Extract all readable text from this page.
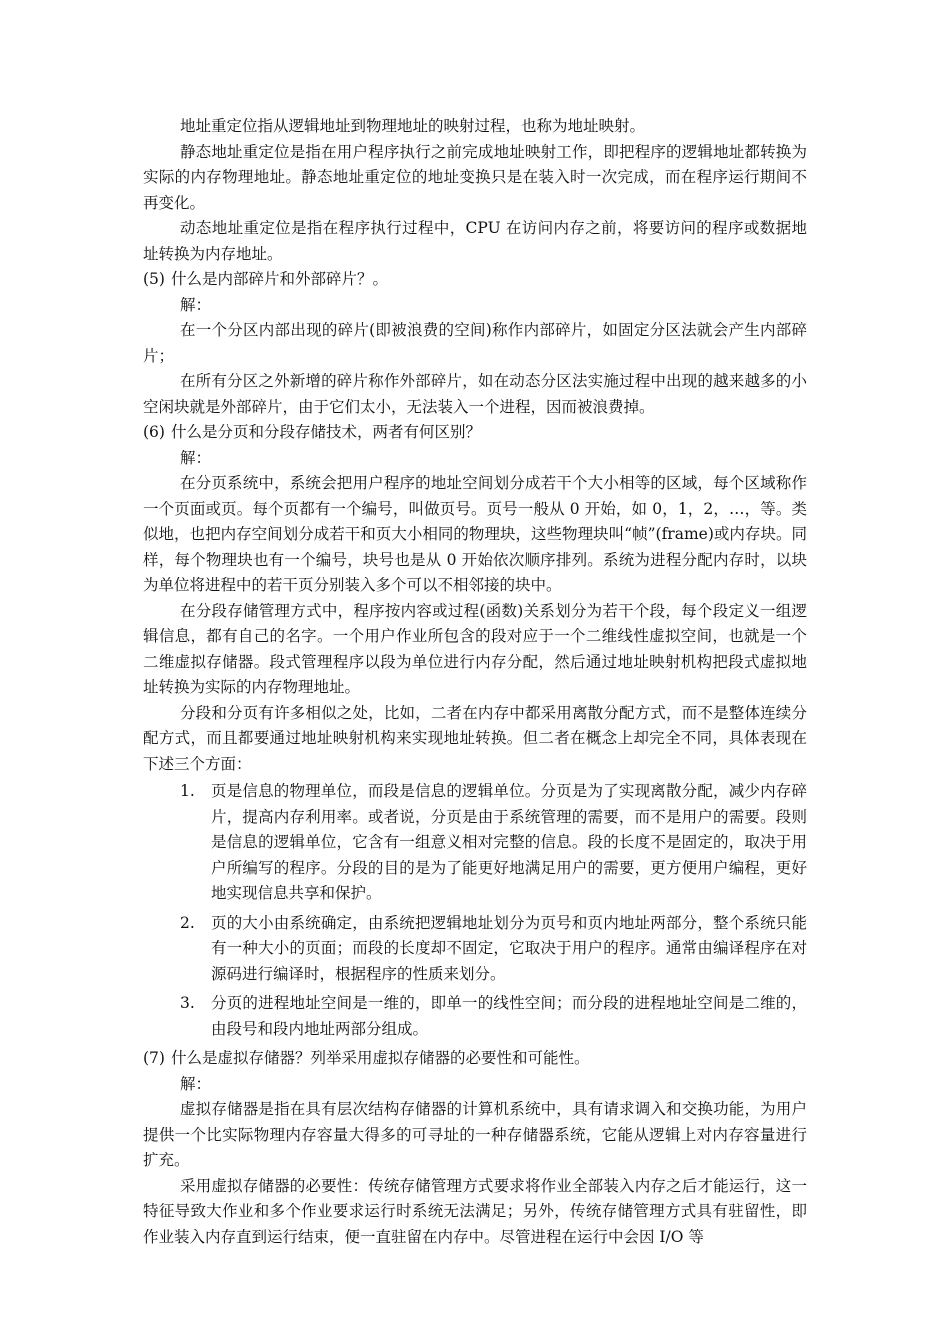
地址重定位指从逻辑地址到物理地址的映射过程，也称为地址映射。

静态地址重定位是指在用户程序执行之前完成地址映射工作，即把程序的逻辑地址都转换为实际的内存物理地址。静态地址重定位的地址变换只是在装入时一次完成，而在程序运行期间不再变化。

动态地址重定位是指在程序执行过程中，CPU 在访问内存之前，将要访问的程序或数据地址转换为内存地址。

(5) 什么是内部碎片和外部碎片？。

解：

在一个分区内部出现的碎片(即被浪费的空间)称作内部碎片，如固定分区法就会产生内部碎片；

在所有分区之外新增的碎片称作外部碎片，如在动态分区法实施过程中出现的越来越多的小空闲块就是外部碎片，由于它们太小，无法装入一个进程，因而被浪费掉。

(6) 什么是分页和分段存储技术，两者有何区别？

解：

在分页系统中，系统会把用户程序的地址空间划分成若干个大小相等的区域，每个区域称作一个页面或页。每个页都有一个编号，叫做页号。页号一般从 0 开始，如 0，1，2，…，等。类似地，也把内存空间划分成若干和页大小相同的物理块，这些物理块叫“帧”(frame)或内存块。同样，每个物理块也有一个编号，块号也是从 0 开始依次顺序排列。系统为进程分配内存时，以块为单位将进程中的若干页分别装入多个可以不相邻接的块中。

在分段存储管理方式中，程序按内容或过程(函数)关系划分为若干个段，每个段定义一组逻辑信息，都有自己的名字。一个用户作业所包含的段对应于一个二维线性虚拟空间，也就是一个二维虚拟存储器。段式管理程序以段为单位进行内存分配，然后通过地址映射机构把段式虚拟地址转换为实际的内存物理地址。

分段和分页有许多相似之处，比如，二者在内存中都采用离散分配方式，而不是整体连续分配方式，而且都要通过地址映射机构来实现地址转换。但二者在概念上却完全不同，具体表现在下述三个方面：

1. 页是信息的物理单位，而段是信息的逻辑单位。分页是为了实现离散分配，减少内存碎片，提高内存利用率。或者说，分页是由于系统管理的需要，而不是用户的需要。段则是信息的逻辑单位，它含有一组意义相对完整的信息。段的长度不是固定的，取决于用户所编写的程序。分段的目的是为了能更好地满足用户的需要，更方便用户编程，更好地实现信息共享和保护。
2. 页的大小由系统确定，由系统把逻辑地址划分为页号和页内地址两部分，整个系统只能有一种大小的页面；而段的长度却不固定，它取决于用户的程序。通常由编译程序在对源码进行编译时，根据程序的性质来划分。
3. 分页的进程地址空间是一维的，即单一的线性空间；而分段的进程地址空间是二维的，由段号和段内地址两部分组成。

(7) 什么是虚拟存储器？列举采用虚拟存储器的必要性和可能性。

解：

虚拟存储器是指在具有层次结构存储器的计算机系统中，具有请求调入和交换功能，为用户提供一个比实际物理内存容量大得多的可寻址的一种存储器系统，它能从逻辑上对内存容量进行扩充。

采用虚拟存储器的必要性：传统存储管理方式要求将作业全部装入内存之后才能运行，这一特征导致大作业和多个作业要求运行时系统无法满足；另外，传统存储管理方式具有驻留性，即作业装入内存直到运行结束，便一直驻留在内存中。尽管进程在运行中会因 I/O 等
